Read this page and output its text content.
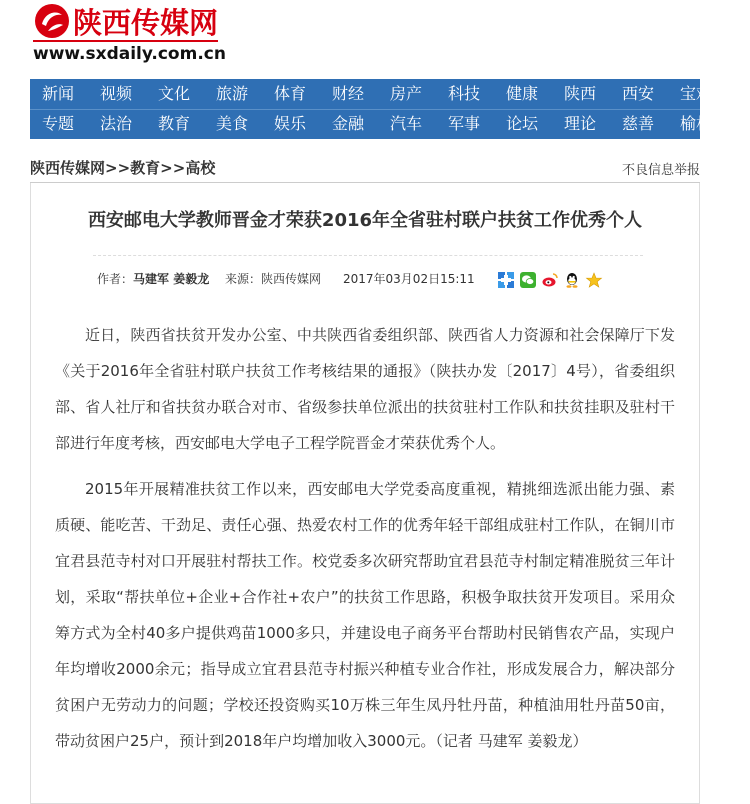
陕西传媒网
www.sxdaily.com.cn
新闻 视频 文化 旅游 体育 财经 房产 科技 健康 陕西 西安 宝鸡
专题 法治 教育 美食 娱乐 金融 汽车 军事 论坛 理论 慈善 榆林
陕西传媒网>>教育>>高校	不良信息举报
西安邮电大学教师晋金才荣获2016年全省驻村联户扶贫工作优秀个人
作者：马建军 姜毅龙 来源：陕西传媒网 2017年03月02日15:11

近日，陕西省扶贫开发办公室、中共陕西省委组织部、陕西省人力资源和社会保障厅下发《关于2016年全省驻村联户扶贫工作考核结果的通报》（陕扶办发〔2017〕4号），省委组织部、省人社厅和省扶贫办联合对市、省级参扶单位派出的扶贫驻村工作队和扶贫挂职及驻村干部进行年度考核，西安邮电大学电子工程学院晋金才荣获优秀个人。

2015年开展精准扶贫工作以来，西安邮电大学党委高度重视，精挑细选派出能力强、素质硬、能吃苦、干劲足、责任心强、热爱农村工作的优秀年轻干部组成驻村工作队，在铜川市宜君县范寺村对口开展驻村帮扶工作。校党委多次研究帮助宜君县范寺村制定精准脱贫三年计划，采取“帮扶单位+企业+合作社+农户”的扶贫工作思路，积极争取扶贫开发项目。采用众筹方式为全村40多户提供鸡苗1000多只，并建设电子商务平台帮助村民销售农产品，实现户年均增收2000余元；指导成立宜君县范寺村振兴种植专业合作社，形成发展合力，解决部分贫困户无劳动力的问题；学校还投资购买10万株三年生凤丹牡丹苗，种植油用牡丹苗50亩，带动贫困户25户，预计到2018年户均增加收入3000元。（记者 马建军 姜毅龙）
